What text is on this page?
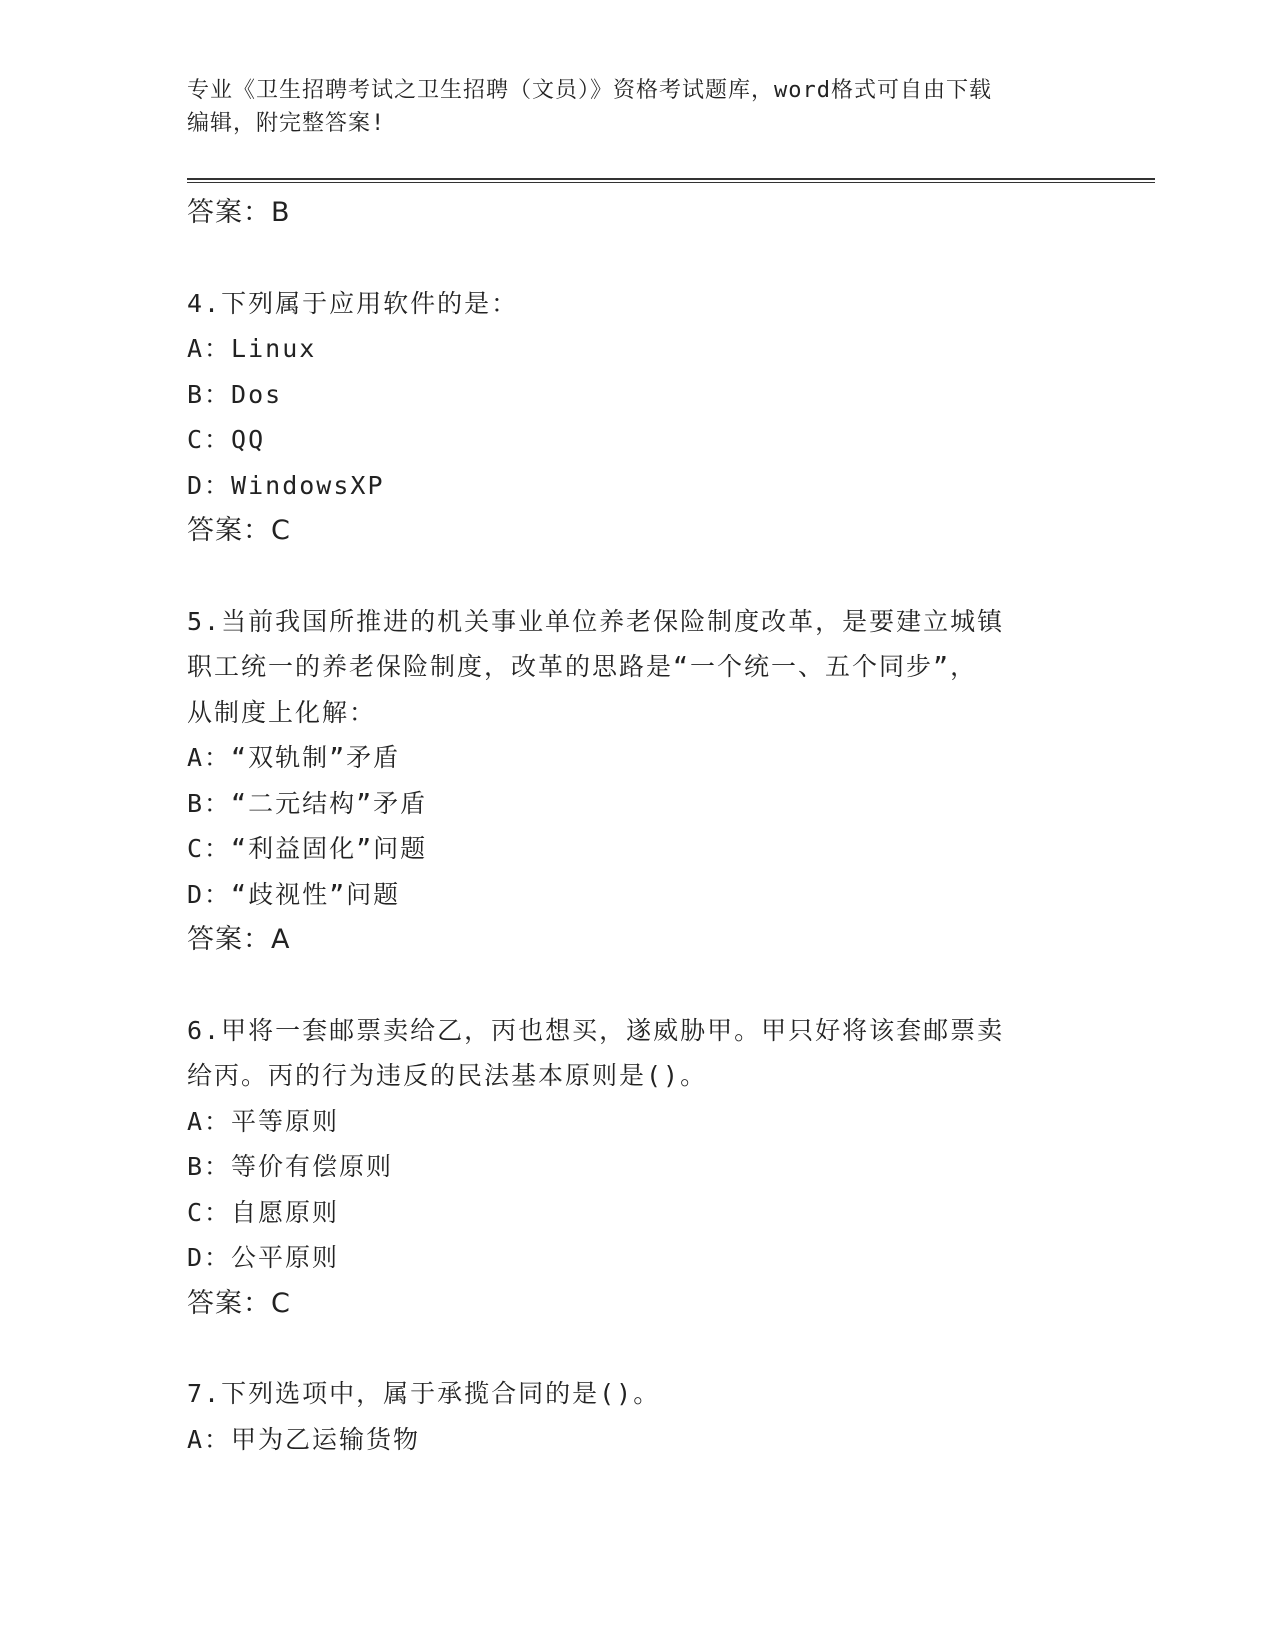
专业《卫生招聘考试之卫生招聘（文员）》资格考试题库，word格式可自由下载
编辑，附完整答案!
答案：B
4.下列属于应用软件的是：
A：Linux
B：Dos
C：QQ
D：WindowsXP
答案：C
5.当前我国所推进的机关事业单位养老保险制度改革，是要建立城镇
职工统一的养老保险制度，改革的思路是“一个统一、五个同步”，
从制度上化解：
A：“双轨制”矛盾
B：“二元结构”矛盾
C：“利益固化”问题
D：“歧视性”问题
答案：A
6.甲将一套邮票卖给乙，丙也想买，遂威胁甲。甲只好将该套邮票卖
给丙。丙的行为违反的民法基本原则是()。
A：平等原则
B：等价有偿原则
C：自愿原则
D：公平原则
答案：C
7.下列选项中，属于承揽合同的是()。
A：甲为乙运输货物
